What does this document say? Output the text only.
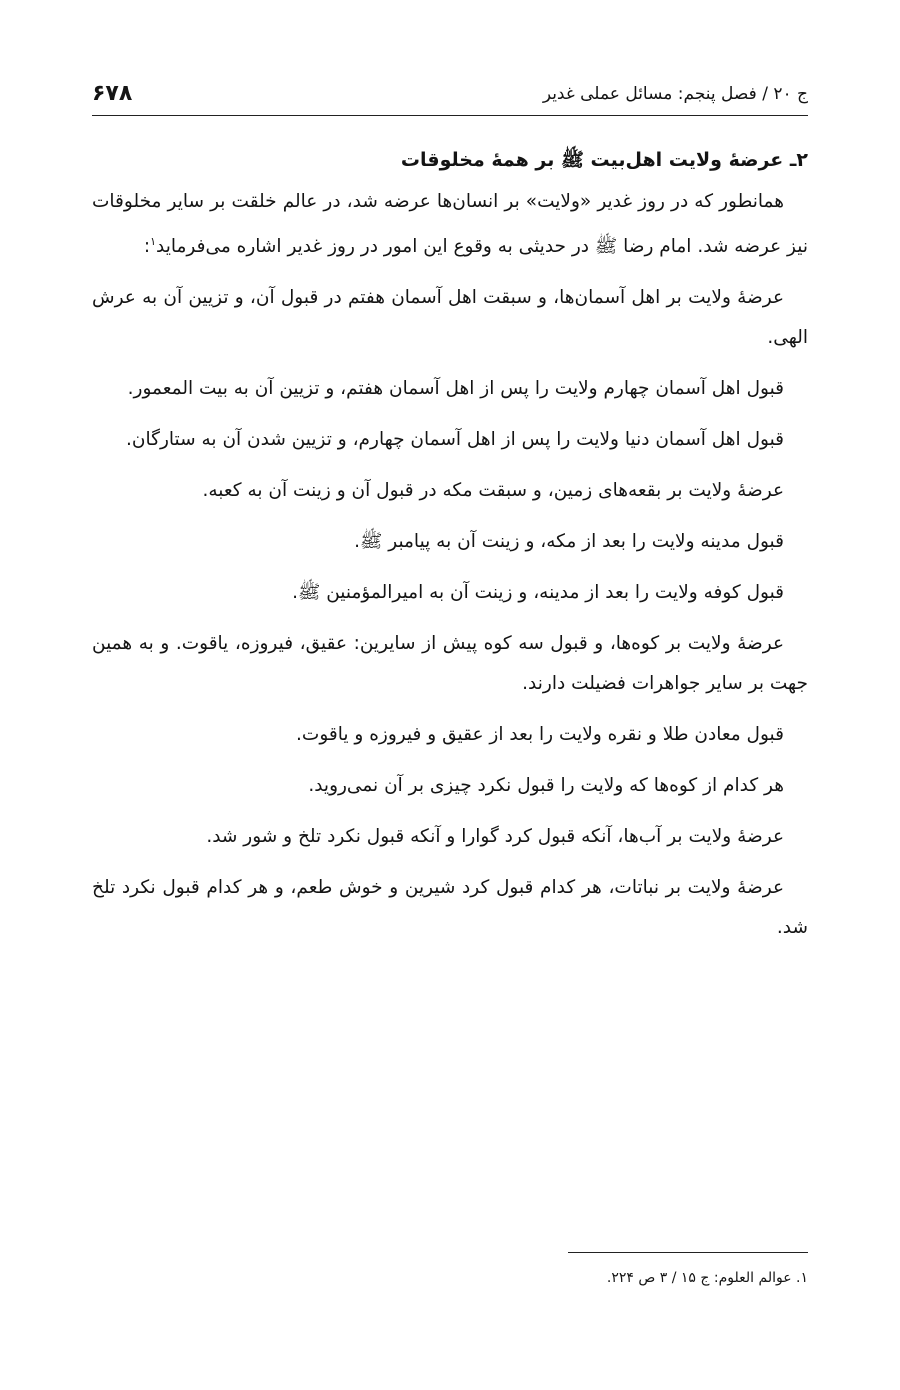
ج ۲۰ / فصل پنجم: مسائل عملی غدیر
۶۷۸
۲ـ عرضهٔ ولایت اهل‌بیت ﷺ بر همهٔ مخلوقات

همانطور که در روز غدیر «ولایت» بر انسان‌ها عرضه شد، در عالم خلقت بر سایر مخلوقات نیز عرضه شد. امام رضا ﷺ در حدیثی به وقوع این امور در روز غدیر اشاره می‌فرماید$^۱$:

عرضهٔ ولایت بر اهل آسمان‌ها، و سبقت اهل آسمان هفتم در قبول آن، و تزیین آن به عرش الهی.

قبول اهل آسمان چهارم ولایت را پس از اهل آسمان هفتم، و تزیین آن به بیت المعمور.

قبول اهل آسمان دنیا ولایت را پس از اهل آسمان چهارم، و تزیین شدن آن به ستارگان.

عرضهٔ ولایت بر بقعه‌های زمین، و سبقت مکه در قبول آن و زینت آن به کعبه.

قبول مدینه ولایت را بعد از مکه، و زینت آن به پیامبر ﷺ.

قبول کوفه ولایت را بعد از مدینه، و زینت آن به امیرالمؤمنین ﷺ.

عرضهٔ ولایت بر کوه‌ها، و قبول سه کوه پیش از سایرین: عقیق، فیروزه، یاقوت. و به همین جهت بر سایر جواهرات فضیلت دارند.

قبول معادن طلا و نقره ولایت را بعد از عقیق و فیروزه و یاقوت.

هر کدام از کوه‌ها که ولایت را قبول نکرد چیزی بر آن نمی‌روید.

عرضهٔ ولایت بر آب‌ها، آنکه قبول کرد گوارا و آنکه قبول نکرد تلخ و شور شد.

عرضهٔ ولایت بر نباتات، هر کدام قبول کرد شیرین و خوش طعم، و هر کدام قبول نکرد تلخ شد.

۱. عوالم العلوم: ج ۱۵ / ۳ ص ۲۲۴.
